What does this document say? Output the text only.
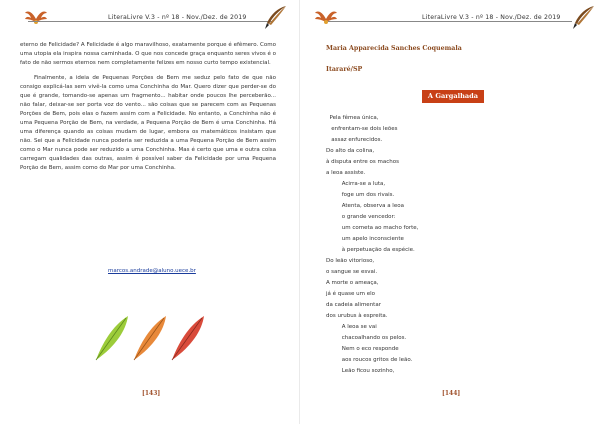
LiteraLivre V.3 - nº 18 - Nov./Dez. de 2019

eterno de Felicidade? A Felicidade é algo maravilhoso, exatamente porque é efêmero. Como uma utopia ela inspira nossa caminhada. O que nos concede graça enquanto seres vivos é o fato de não sermos eternos nem completamente felizes em nosso curto tempo existencial.

Finalmente, a ideia de Pequenas Porções de Bem me seduz pelo fato de que não consigo explicá-las sem vivê-la como uma Conchinha do Mar. Quero dizer que perder-se do que é grande, tomando-se apenas um fragmento... habitar onde poucos lhe perceberão... não falar, deixar-se ser porta voz do vento... são coisas que se parecem com as Pequenas Porções de Bem, pois elas o fazem assim com a Felicidade. No entanto, a Conchinha não é uma Pequena Porção de Bem, na verdade, a Pequena Porção de Bem é uma Conchinha. Há uma diferença quando as coisas mudam de lugar, embora os matemáticos insistam que não. Sei que a Felicidade nunca poderia ser reduzida a uma Pequena Porção de Bem assim como o Mar nunca pode ser reduzido a uma Conchinha. Mas é certo que uma e outra coisa carregam qualidades das outras, assim é possível saber da Felicidade por uma Pequena Porção de Bem, assim como do Mar por uma Conchinha.

marcos.andrade@aluno.uece.br
[143]
LiteraLivre V.3 - nº 18 - Nov./Dez. de 2019
Maria Apparecida Sanches Coquemala
Itararé/SP
A Gargalhada
Pela fêmea única,
enfrentam-se dois leões
assaz enfurecidos.
Do alto da colina,
à disputa entre os machos
a leoa assiste.
Acirra-se a luta,
foge um dos rivais.
Atenta, observa a leoa
o grande vencedor:
um cometa ao macho forte,
um apelo inconsciente
à perpetuação da espécie.
Do leão vitorioso,
o sangue se esvai.
A morte o ameaça,
já é quase um elo
da cadeia alimentar
dos urubus à espreita.
A leoa se vai
chacoalhando os pelos.
Nem o eco responde
aos roucos gritos de leão.
Leão ficou sozinho,
[144]
